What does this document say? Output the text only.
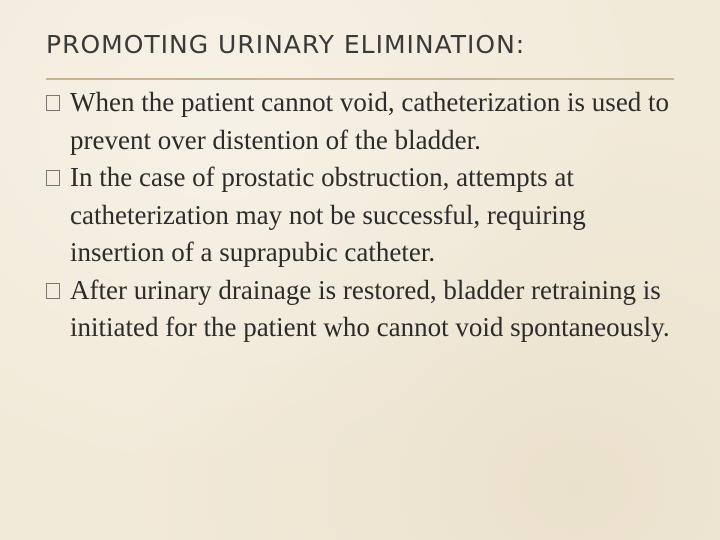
PROMOTING URINARY ELIMINATION:
When the patient cannot void, catheterization is used to prevent over distention of the bladder.
In the case of prostatic obstruction, attempts at catheterization may not be successful, requiring insertion of a suprapubic catheter.
After urinary drainage is restored, bladder retraining is initiated for the patient who cannot void spontaneously.
